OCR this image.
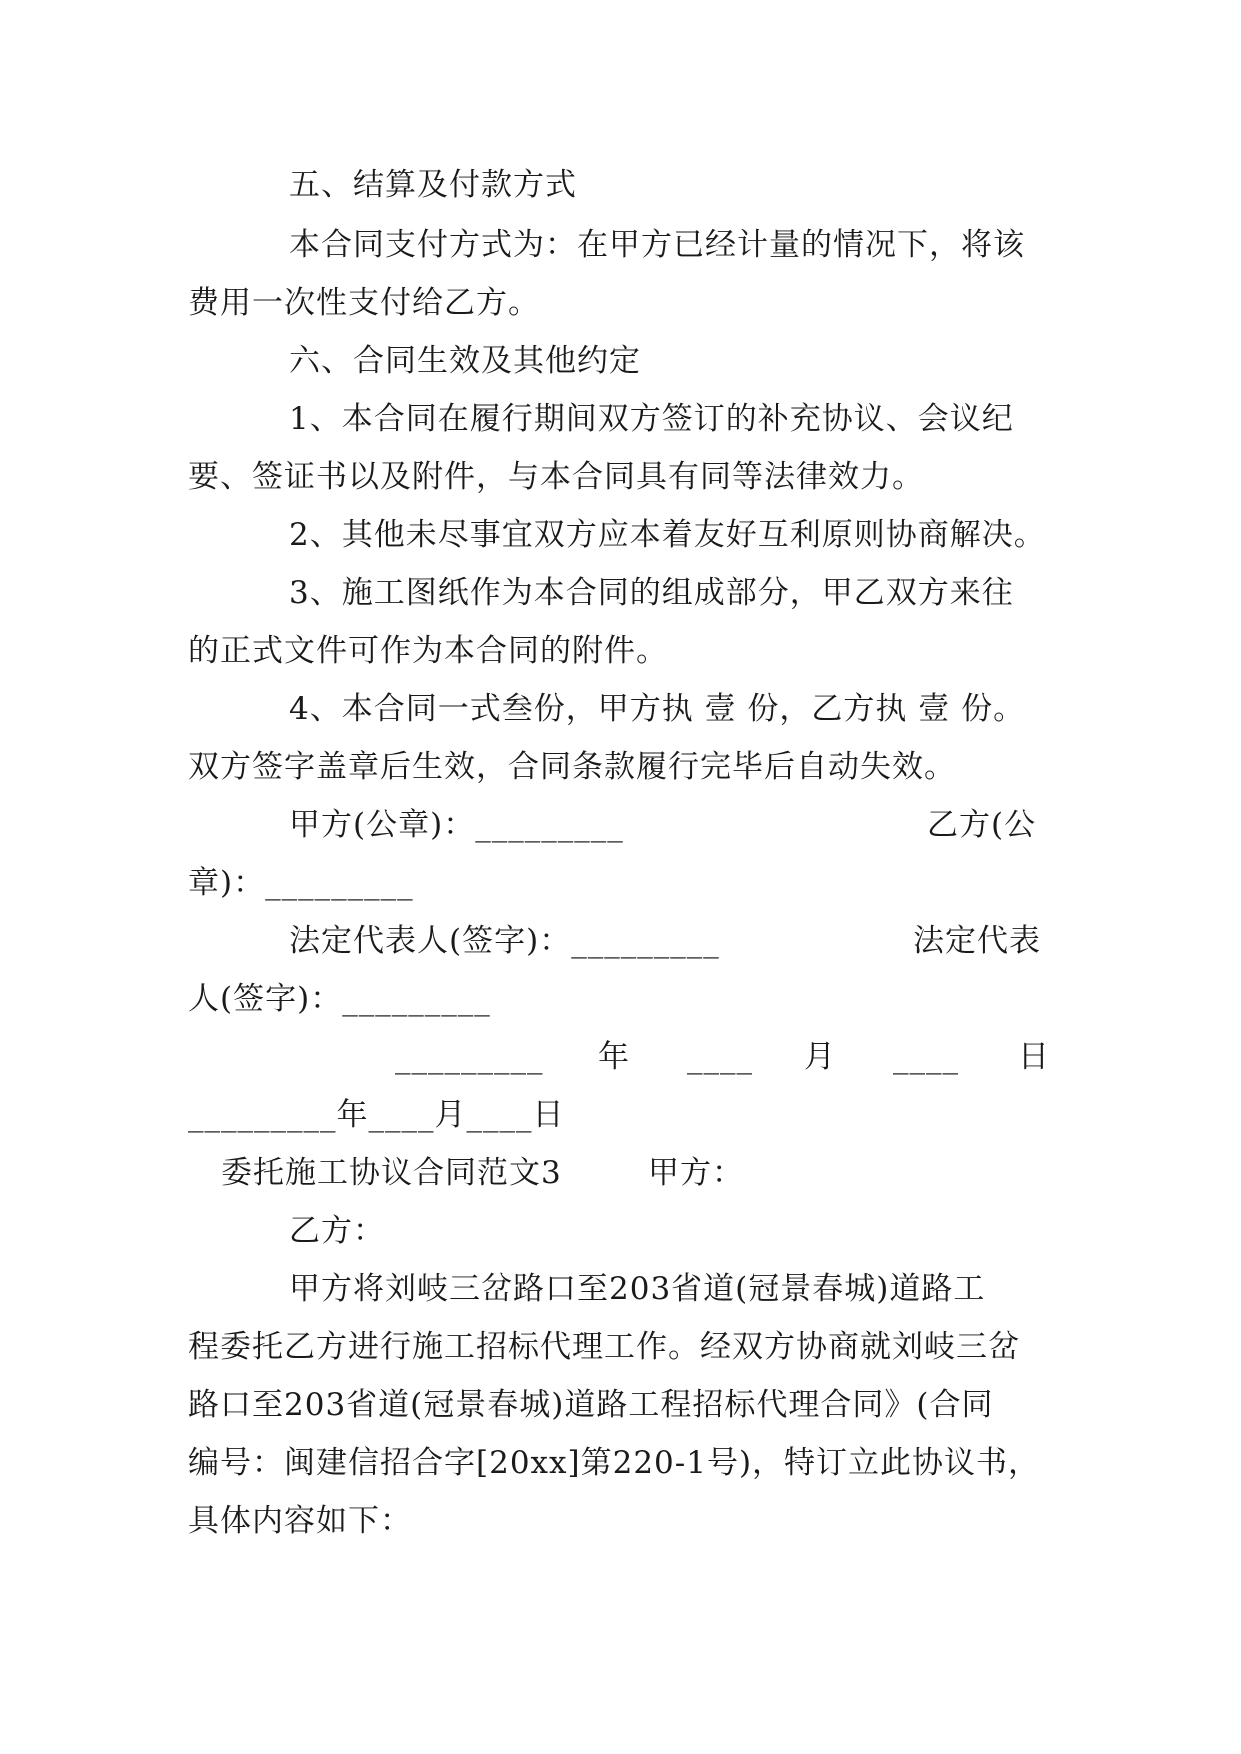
五、结算及付款方式
本合同支付方式为：在甲方已经计量的情况下，将该
费用一次性支付给乙方。
六、合同生效及其他约定
1、本合同在履行期间双方签订的补充协议、会议纪
要、签证书以及附件，与本合同具有同等法律效力。
2、其他未尽事宜双方应本着友好互利原则协商解决。
3、施工图纸作为本合同的组成部分，甲乙双方来往
的正式文件可作为本合同的附件。
4、本合同一式叁份，甲方执 壹 份，乙方执 壹 份。
双方签字盖章后生效，合同条款履行完毕后自动失效。
甲方(公章)：_________	乙方(公
章)：_________
法定代表人(签字)：_________	法定代表
人(签字)：_________
_________ 年 ____ 月 ____ 日
_________年____月____日
委托施工协议合同范文3	甲方：
乙方：
甲方将刘岐三岔路口至203省道(冠景春城)道路工
程委托乙方进行施工招标代理工作。经双方协商就刘岐三岔
路口至203省道(冠景春城)道路工程招标代理合同》(合同
编号：闽建信招合字[20xx]第220-1号)，特订立此协议书，
具体内容如下：
